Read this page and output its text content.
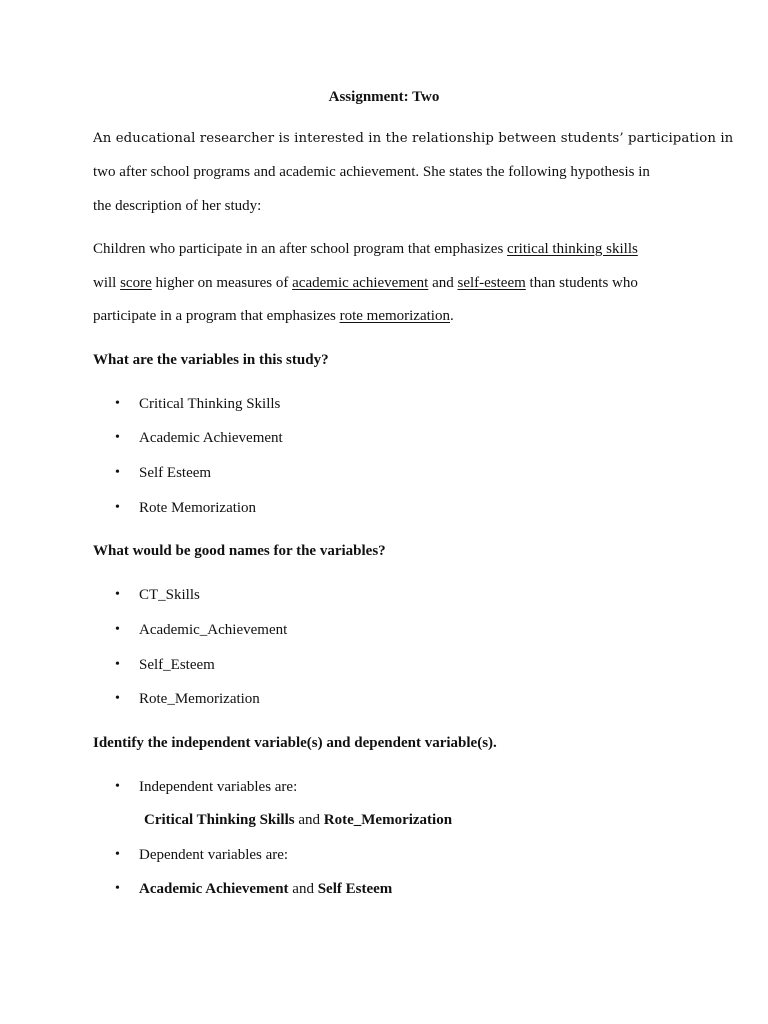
Assignment: Two
An educational researcher is interested in the relationship between students’ participation in
two after school programs and academic achievement. She states the following hypothesis in
the description of her study:
Children who participate in an after school program that emphasizes critical thinking skills
will score higher on measures of academic achievement and self-esteem than students who
participate in a program that emphasizes rote memorization.
What are the variables in this study?
• Critical Thinking Skills
• Academic Achievement
• Self Esteem
• Rote Memorization
What would be good names for the variables?
• CT_Skills
• Academic_Achievement
• Self_Esteem
• Rote_Memorization
Identify the independent variable(s) and dependent variable(s).
• Independent variables are:
Critical Thinking Skills and Rote_Memorization
• Dependent variables are:
• Academic Achievement and Self Esteem
